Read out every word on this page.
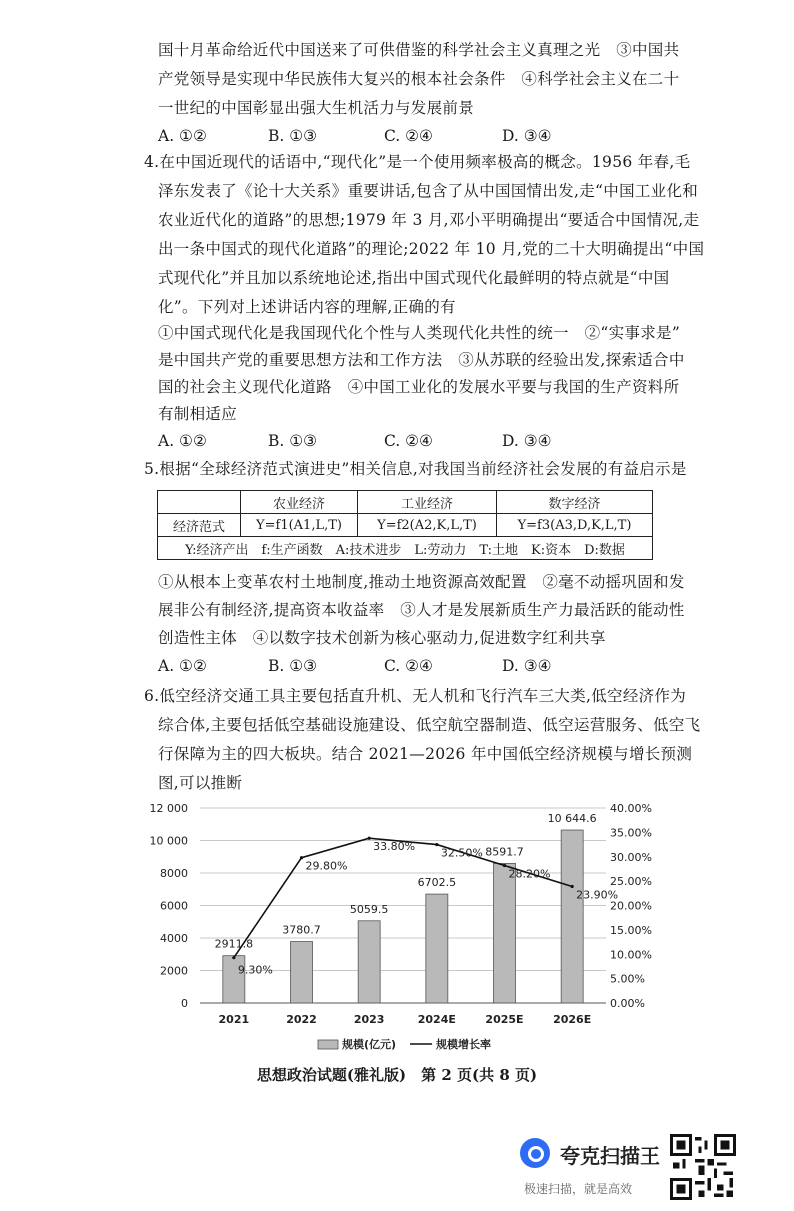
国十月革命给近代中国送来了可供借鉴的科学社会主义真理之光　③中国共
产党领导是实现中华民族伟大复兴的根本社会条件　④科学社会主义在二十
一世纪的中国彰显出强大生机活力与发展前景
A. ①②	B. ①③	C. ②④	D. ③④
4.在中国近现代的话语中,“现代化”是一个使用频率极高的概念。1956 年春,毛
泽东发表了《论十大关系》重要讲话,包含了从中国国情出发,走“中国工业化和
农业近代化的道路”的思想;1979 年 3 月,邓小平明确提出“要适合中国情况,走
出一条中国式的现代化道路”的理论;2022 年 10 月,党的二十大明确提出“中国
式现代化”并且加以系统地论述,指出中国式现代化最鲜明的特点就是“中国
化”。下列对上述讲话内容的理解,正确的有
①中国式现代化是我国现代化个性与人类现代化共性的统一　②“实事求是”
是中国共产党的重要思想方法和工作方法　③从苏联的经验出发,探索适合中
国的社会主义现代化道路　④中国工业化的发展水平要与我国的生产资料所
有制相适应
A. ①②	B. ①③	C. ②④	D. ③④
5.根据“全球经济范式演进史”相关信息,对我国当前经济社会发展的有益启示是
	农业经济	工业经济	数字经济
经济范式	Y=f1(A1,L,T)	Y=f2(A2,K,L,T)	Y=f3(A3,D,K,L,T)
Y:经济产出　f:生产函数　A:技术进步　L:劳动力　T:土地　K:资本　D:数据			
①从根本上变革农村土地制度,推动土地资源高效配置　②毫不动摇巩固和发
展非公有制经济,提高资本收益率　③人才是发展新质生产力最活跃的能动性
创造性主体　④以数字技术创新为核心驱动力,促进数字红利共享
A. ①②	B. ①③	C. ②④	D. ③④
6.低空经济交通工具主要包括直升机、无人机和飞行汽车三大类,低空经济作为
综合体,主要包括低空基础设施建设、低空航空器制造、低空运营服务、低空飞
行保障为主的四大板块。结合 2021—2026 年中国低空经济规模与增长预测
图,可以推断
0
2000
4000
6000
8000
10 000
12 000
0.00%
5.00%
10.00%
15.00%
20.00%
25.00%
30.00%
35.00%
40.00%
2911.8
2021
3780.7
2022
5059.5
2023
6702.5
2024E
8591.7
2025E
10 644.6
2026E
9.30%
29.80%
33.80% 32.50%
28.20%
23.90%
规模(亿元)	规模增长率
思想政治试题(雅礼版)　第 2 页(共 8 页)
夸克扫描王
极速扫描，就是高效
